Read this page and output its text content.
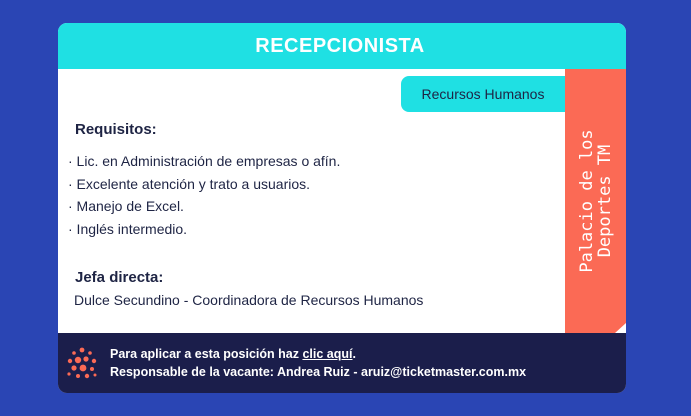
RECEPCIONISTA
Recursos Humanos
Palacio de los
Deportes TM
Requisitos:
· Lic. en Administración de empresas o afín.
· Excelente atención y trato a usuarios.
· Manejo de Excel.
· Inglés intermedio.
Jefa directa:
Dulce Secundino - Coordinadora de Recursos Humanos
Para aplicar a esta posición haz clic aquí.
Responsable de la vacante: Andrea Ruiz - aruiz@ticketmaster.com.mx
